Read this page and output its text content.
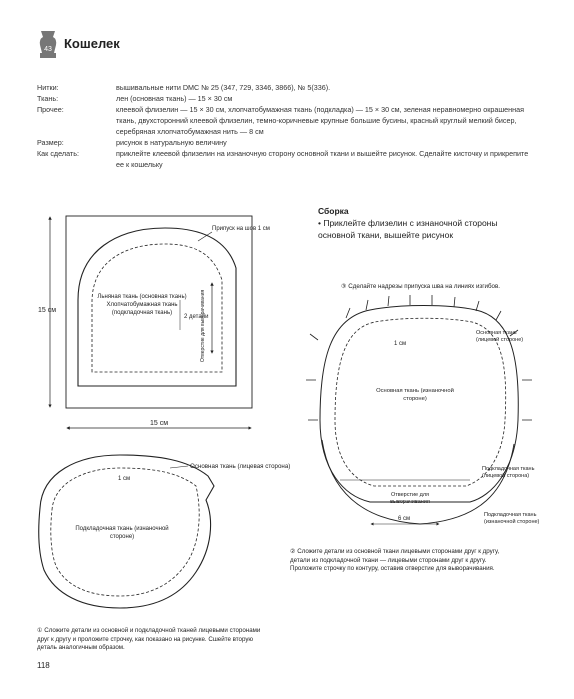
43 Кошелек
Нитки:	вышивальные нити DMC № 25 (347, 729, 3346, 3866), № 5(336).
Ткань:	лен (основная ткань) — 15 × 30 см
Прочее:	клеевой флизелин — 15 × 30 см, хлопчатобумажная ткань (подкладка) — 15 × 30 см, зеленая неравномерно окрашенная ткань, двухсторонний клеевой флизелин, темно-коричневые крупные большие бусины, красный круглый мелкий бисер, серебряная хлопчатобумажная нить — 8 см
Размер:	рисунок в натуральную величину
Как сделать:	приклейте клеевой флизелин на изнаночную сторону основной ткани и вышейте рисунок. Сделайте кисточку и прикрепите ее к кошельку
Припуск на шов 1 см
15 см
15 см
Льняная ткань (основная ткань) Хлопчатобумажная ткань (подкладочная ткань)
2 детали
Отверстие для выворачивания
Основная ткань (лицевая сторона)
1 см
Подкладочная ткань (изнаночной стороне)
1 см
Основная ткань (лицевой стороне)
Основная ткань (изнаночной стороне)
Подкладочная ткань (лицевой сторона)
Подкладочная ткань (изнаночной стороне)
Отверстие для выворачивания
6 см
① Сложите детали из основной и подкладочной тканей лицевыми сторонами друг к другу и проложите строчку, как показано на рисунке. Сшейте вторую деталь аналогичным образом.
Сборка
• Приклейте флизелин с изнаночной стороны основной ткани, вышейте рисунок
③ Сделайте надрезы припуска шва на линиях изгибов.
② Сложите детали из основной ткани лицевыми сторонами друг к другу, детали из подкладочной ткани — лицевыми сторонами друг к другу. Проложите строчку по контуру, оставив отверстие для выворачивания.
118
